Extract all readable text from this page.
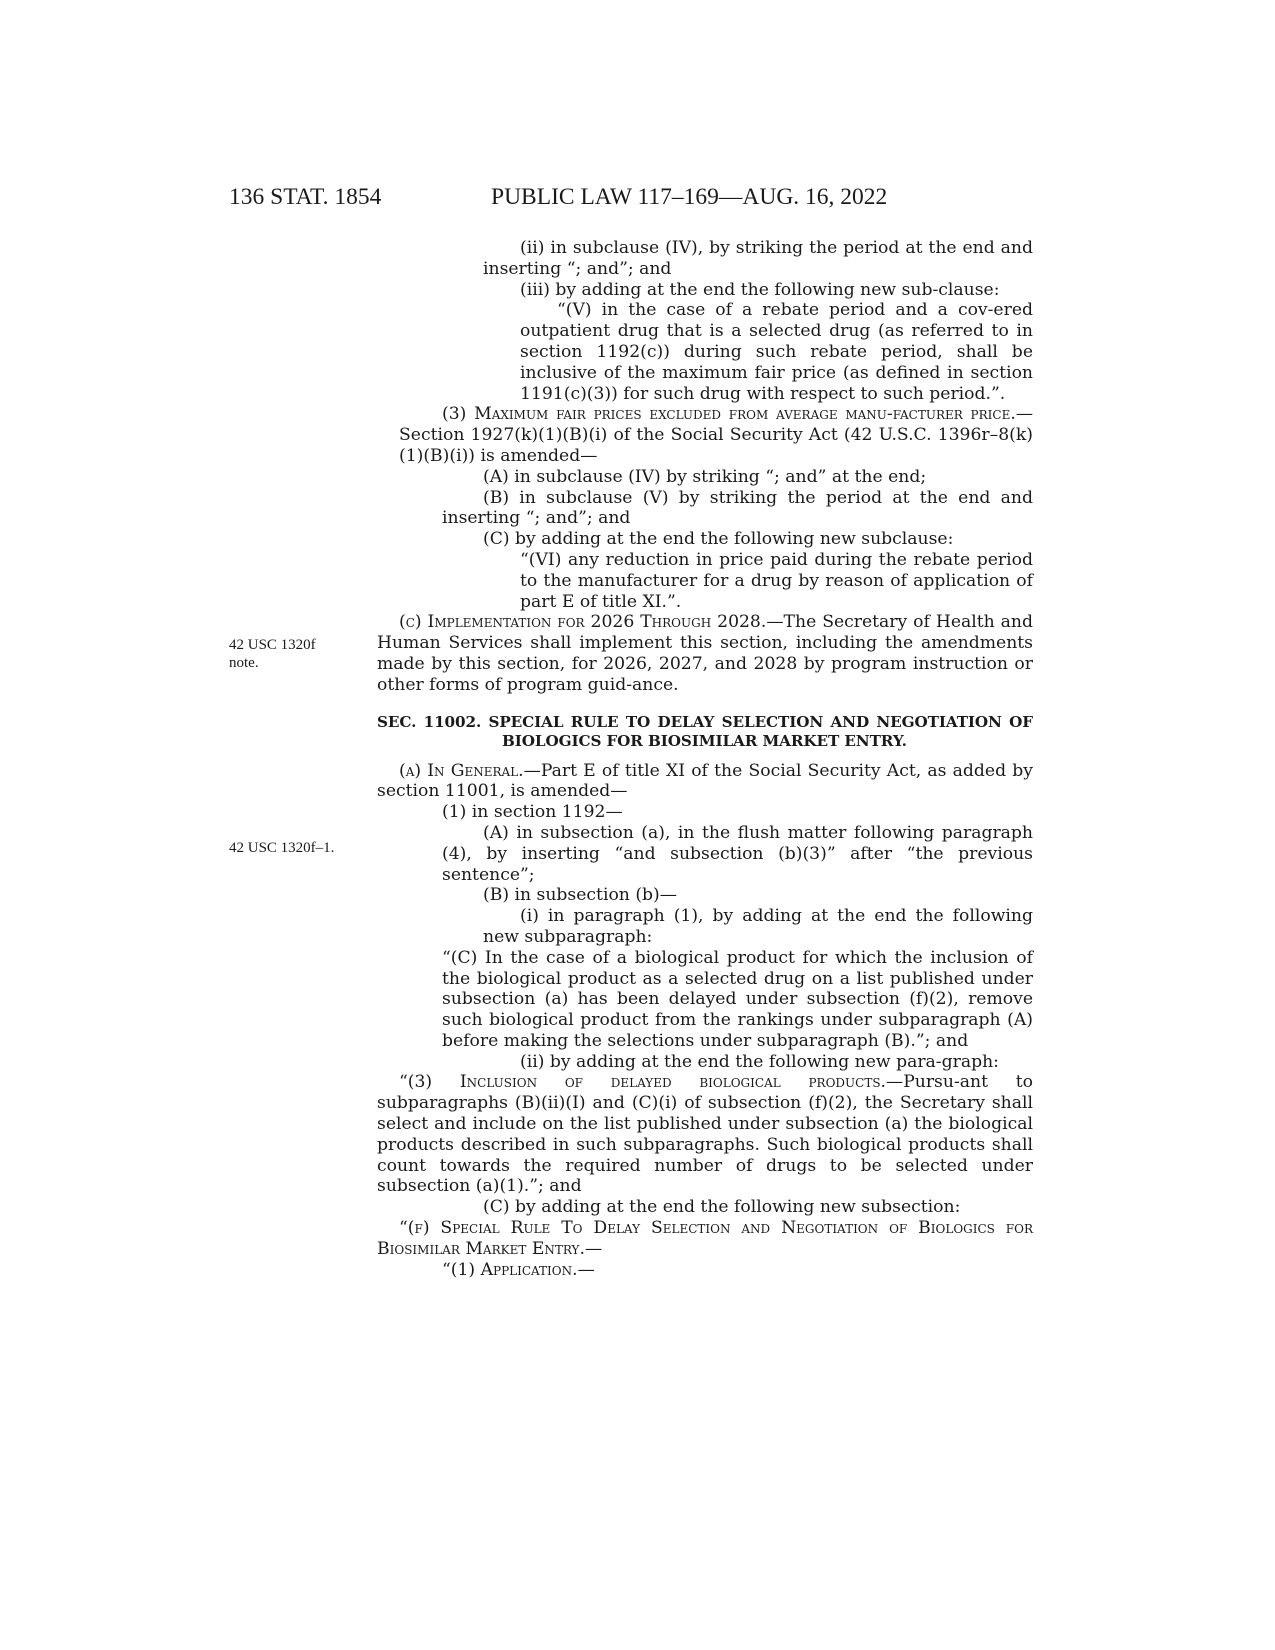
136 STAT. 1854	PUBLIC LAW 117–169—AUG. 16, 2022
42 USC 1320f
note.
42 USC 1320f–1.

(ii) in subclause (IV), by striking the period at the end and inserting “; and”; and

(iii) by adding at the end the following new sub-clause:

“(V) in the case of a rebate period and a cov-ered outpatient drug that is a selected drug (as referred to in section 1192(c)) during such rebate period, shall be inclusive of the maximum fair price (as defined in section 1191(c)(3)) for such drug with respect to such period.”.

(3) Maximum fair prices excluded from average manu-facturer price.—Section 1927(k)(1)(B)(i) of the Social Security Act (42 U.S.C. 1396r–8(k)(1)(B)(i)) is amended—

(A) in subclause (IV) by striking “; and” at the end;

(B) in subclause (V) by striking the period at the end and inserting “; and”; and

(C) by adding at the end the following new subclause:

“(VI) any reduction in price paid during the rebate period to the manufacturer for a drug by reason of application of part E of title XI.”.

(c) Implementation for 2026 Through 2028.—The Secretary of Health and Human Services shall implement this section, including the amendments made by this section, for 2026, 2027, and 2028 by program instruction or other forms of program guid-ance.

SEC. 11002. SPECIAL RULE TO DELAY SELECTION AND NEGOTIATION OF BIOLOGICS FOR BIOSIMILAR MARKET ENTRY.

(a) In General.—Part E of title XI of the Social Security Act, as added by section 11001, is amended—

(1) in section 1192—

(A) in subsection (a), in the flush matter following paragraph (4), by inserting “and subsection (b)(3)” after “the previous sentence”;

(B) in subsection (b)—

(i) in paragraph (1), by adding at the end the following new subparagraph:

“(C) In the case of a biological product for which the inclusion of the biological product as a selected drug on a list published under subsection (a) has been delayed under subsection (f)(2), remove such biological product from the rankings under subparagraph (A) before making the selections under subparagraph (B).”; and

(ii) by adding at the end the following new para-graph:

“(3) Inclusion of delayed biological products.—Pursu-ant to subparagraphs (B)(ii)(I) and (C)(i) of subsection (f)(2), the Secretary shall select and include on the list published under subsection (a) the biological products described in such subparagraphs. Such biological products shall count towards the required number of drugs to be selected under subsection (a)(1).”; and

(C) by adding at the end the following new subsection:

“(f) Special Rule To Delay Selection and Negotiation of Biologics for Biosimilar Market Entry.—

“(1) Application.—
